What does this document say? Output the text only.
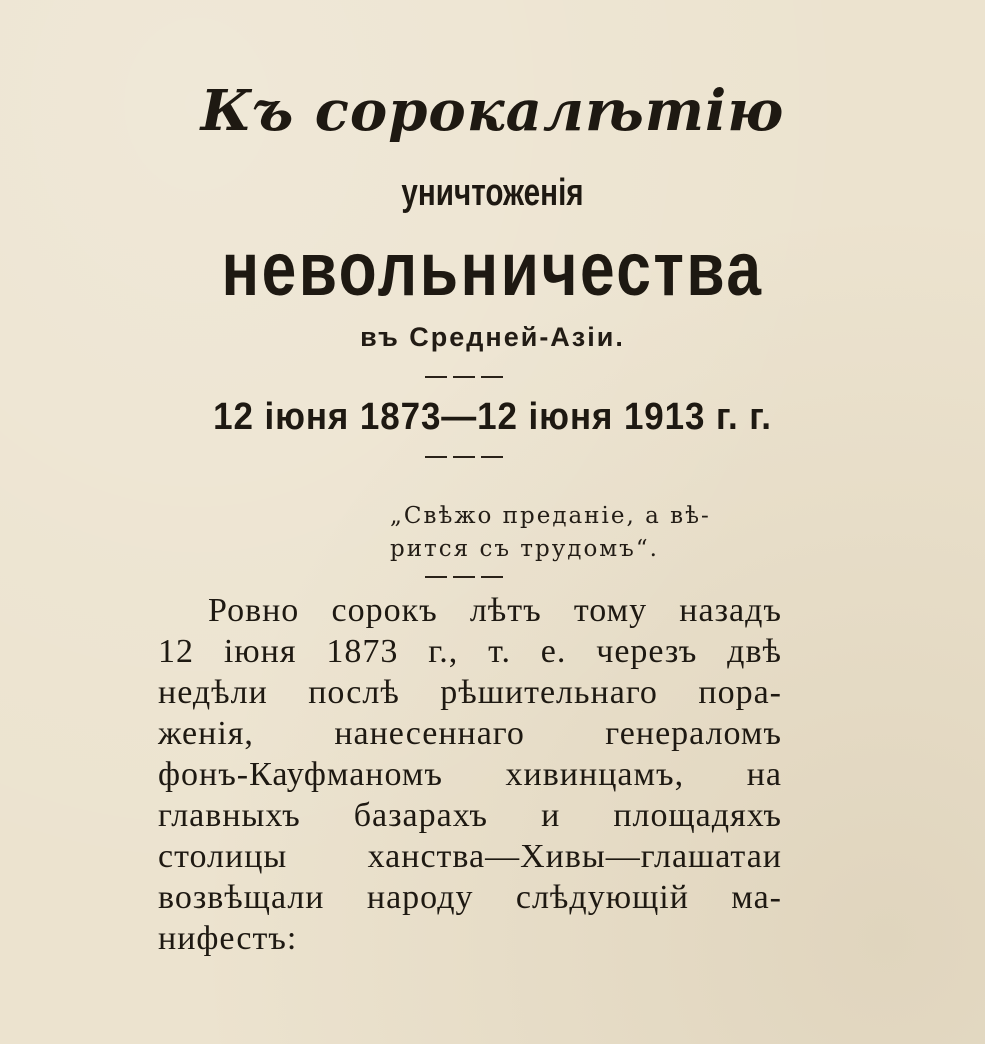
Къ сорокалѣтію
уничтоженія
невольничества
въ Средней-Азіи.
12 іюня 1873—12 іюня 1913 г. г.
„Свѣжо преданіе, а вѣ-
рится съ трудомъ“.
Ровно сорокъ лѣтъ тому назадъ
12 іюня 1873 г., т. е. черезъ двѣ
недѣли послѣ рѣшительнаго пора-
женія, нанесеннаго генераломъ
фонъ-Кауфманомъ хивинцамъ, на
главныхъ базарахъ и площадяхъ
столицы ханства—Хивы—глашатаи
возвѣщали народу слѣдующій ма-
нифестъ:
